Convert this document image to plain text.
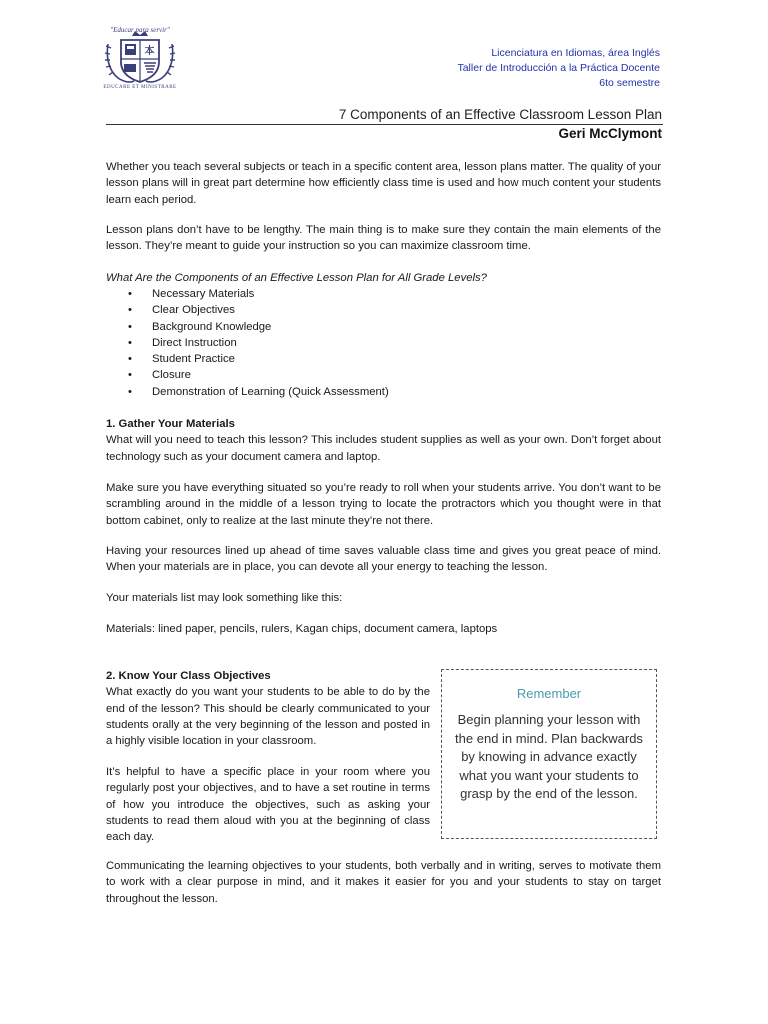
"Educar para servir"
本
EDUCARE ET MINISTRARE
Licenciatura en Idiomas, área Inglés
Taller de Introducción a la Práctica Docente
6to semestre
7 Components of an Effective Classroom Lesson Plan
Geri McClymont

Whether you teach several subjects or teach in a specific content area, lesson plans matter. The quality of your lesson plans will in great part determine how efficiently class time is used and how much content your students learn each period.

Lesson plans don’t have to be lengthy. The main thing is to make sure they contain the main elements of the lesson. They’re meant to guide your instruction so you can maximize classroom time.

What Are the Components of an Effective Lesson Plan for All Grade Levels?

• Necessary Materials
• Clear Objectives
• Background Knowledge
• Direct Instruction
• Student Practice
• Closure
• Demonstration of Learning (Quick Assessment)
1. Gather Your Materials
What will you need to teach this lesson? This includes student supplies as well as your own. Don’t forget about technology such as your document camera and laptop.

Make sure you have everything situated so you’re ready to roll when your students arrive. You don’t want to be scrambling around in the middle of a lesson trying to locate the protractors which you thought were in that bottom cabinet, only to realize at the last minute they’re not there.

Having your resources lined up ahead of time saves valuable class time and gives you great peace of mind. When your materials are in place, you can devote all your energy to teaching the lesson.

Your materials list may look something like this:

Materials: lined paper, pencils, rulers, Kagan chips, document camera, laptops

2. Know Your Class Objectives
What exactly do you want your students to be able to do by the end of the lesson? This should be clearly communicated to your students orally at the very beginning of the lesson and posted in a highly visible location in your classroom.

It’s helpful to have a specific place in your room where you regularly post your objectives, and to have a set routine in terms of how you introduce the objectives, such as asking your students to read them aloud with you at the beginning of class each day.

Communicating the learning objectives to your students, both verbally and in writing, serves to motivate them to work with a clear purpose in mind, and it makes it easier for you and your students to stay on target throughout the lesson.

Remember
Begin planning your lesson with the end in mind. Plan backwards by knowing in advance exactly what you want your students to grasp by the end of the lesson.
